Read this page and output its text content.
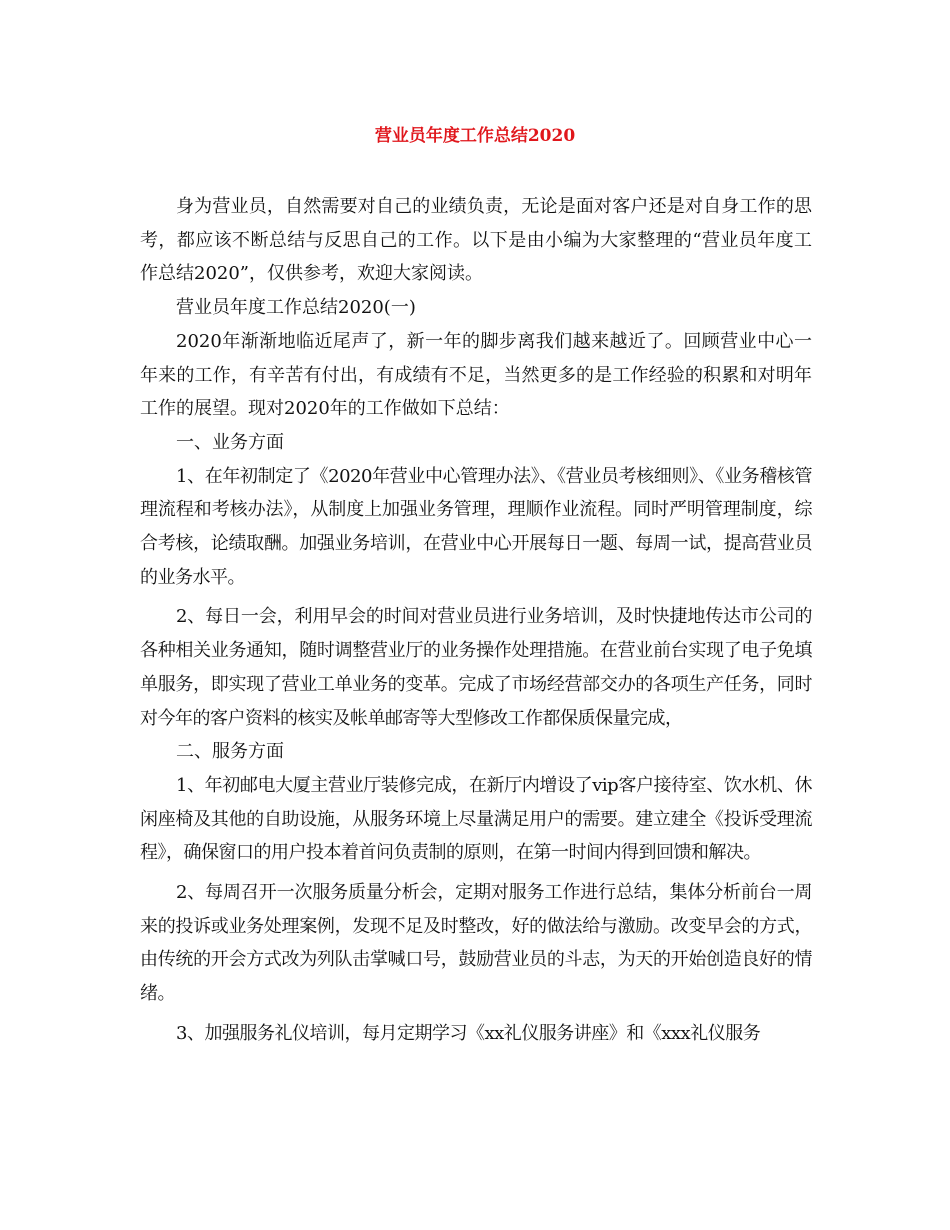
营业员年度工作总结2020

身为营业员，自然需要对自己的业绩负责，无论是面对客户还是对自身工作的思考，都应该不断总结与反思自己的工作。以下是由小编为大家整理的“营业员年度工作总结2020”，仅供参考，欢迎大家阅读。

营业员年度工作总结2020(一)

2020年渐渐地临近尾声了，新一年的脚步离我们越来越近了。回顾营业中心一年来的工作，有辛苦有付出，有成绩有不足，当然更多的是工作经验的积累和对明年工作的展望。现对2020年的工作做如下总结：

一、业务方面

1、在年初制定了《2020年营业中心管理办法》、《营业员考核细则》、《业务稽核管理流程和考核办法》，从制度上加强业务管理，理顺作业流程。同时严明管理制度，综合考核，论绩取酬。加强业务培训，在营业中心开展每日一题、每周一试，提高营业员的业务水平。

2、每日一会，利用早会的时间对营业员进行业务培训，及时快捷地传达市公司的各种相关业务通知，随时调整营业厅的业务操作处理措施。在营业前台实现了电子免填单服务，即实现了营业工单业务的变革。完成了市场经营部交办的各项生产任务，同时对今年的客户资料的核实及帐单邮寄等大型修改工作都保质保量完成，

二、服务方面

1、年初邮电大厦主营业厅装修完成，在新厅内增设了vip客户接待室、饮水机、休闲座椅及其他的自助设施，从服务环境上尽量满足用户的需要。建立建全《投诉受理流程》，确保窗口的用户投本着首问负责制的原则，在第一时间内得到回馈和解决。

2、每周召开一次服务质量分析会，定期对服务工作进行总结，集体分析前台一周来的投诉或业务处理案例，发现不足及时整改，好的做法给与激励。改变早会的方式，由传统的开会方式改为列队击掌喊口号，鼓励营业员的斗志，为天的开始创造良好的情绪。

3、加强服务礼仪培训，每月定期学习《xx礼仪服务讲座》和《xxx礼仪服务
